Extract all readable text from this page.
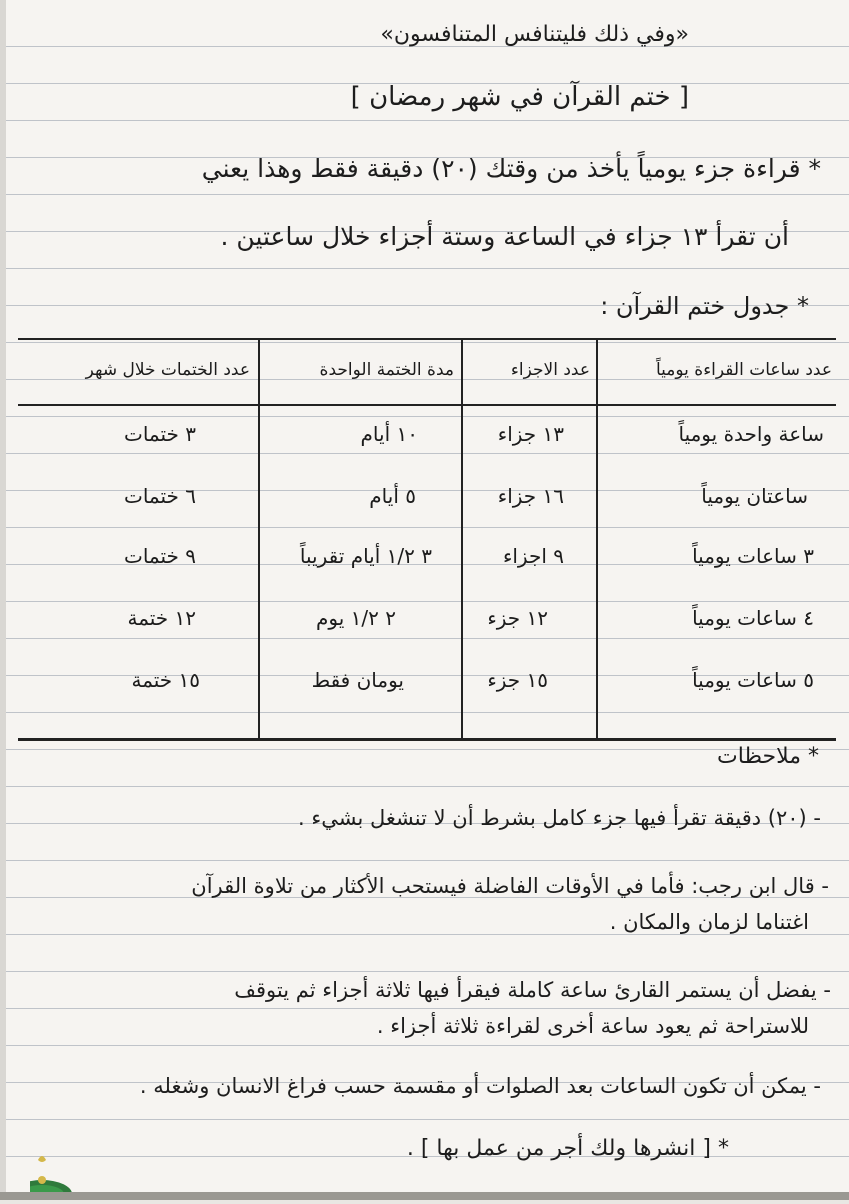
«وفي ذلك فليتنافس المتنافسون»
[ ختم القرآن في شهر رمضان ]
* قراءة جزء يومياً يأخذ من وقتك (٢٠) دقيقة فقط وهذا يعني
أن تقرأ ١٣ جزاء في الساعة وستة أجزاء خلال ساعتين .
* جدول ختم القرآن :
عدد ساعات القراءة يومياً
عدد الاجزاء
مدة الختمة الواحدة
عدد الختمات خلال شهر
ساعة واحدة يومياً
١٣ جزاء
١٠ أيام
٣ ختمات
ساعتان يومياً
١٦ جزاء
٥ أيام
٦ ختمات
٣ ساعات يومياً
٩ اجزاء
٣ ١/٢ أيام تقريباً
٩ ختمات
٤ ساعات يومياً
١٢ جزء
٢ ١/٢ يوم
١٢ ختمة
٥ ساعات يومياً
١٥ جزء
يومان فقط
١٥ ختمة
* ملاحظات
- (٢٠) دقيقة تقرأ فيها جزء كامل بشرط أن لا تنشغل بشيء .
- قال ابن رجب: فأما في الأوقات الفاضلة فيستحب الأكثار من تلاوة القرآن
اغتناما لزمان والمكان .
- يفضل أن يستمر القارئ ساعة كاملة فيقرأ فيها ثلاثة أجزاء ثم يتوقف
للاستراحة ثم يعود ساعة أخرى لقراءة ثلاثة أجزاء .
- يمكن أن تكون الساعات بعد الصلوات أو مقسمة حسب فراغ الانسان وشغله .
* [ انشرها ولك أجر من عمل بها ] .
